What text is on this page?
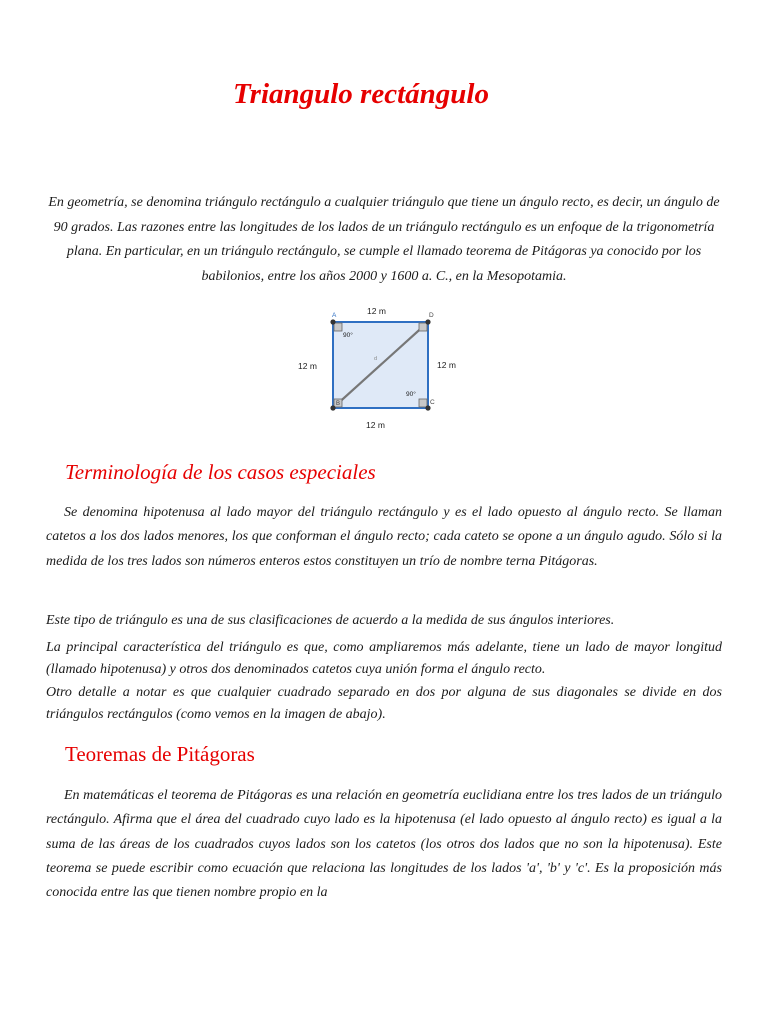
Triangulo rectángulo

En geometría, se denomina triángulo rectángulo a cualquier triángulo que tiene un ángulo recto, es decir, un ángulo de 90 grados. Las razones entre las longitudes de los lados de un triángulo rectángulo es un enfoque de la trigonometría plana. En particular, en un triángulo rectángulo, se cumple el llamado teorema de Pitágoras ya conocido por los babilonios, entre los años 2000 y 1600 a. C., en la Mesopotamia.

12 m
12 m	12 m
12 m
90°
90°
A	D
B	C
d
Terminología de los casos especiales

Se denomina hipotenusa al lado mayor del triángulo rectángulo y es el lado opuesto al ángulo recto. Se llaman catetos a los dos lados menores, los que conforman el ángulo recto; cada cateto se opone a un ángulo agudo. Sólo si la medida de los tres lados son números enteros estos constituyen un trío de nombre terna Pitágoras.

Este tipo de triángulo es una de sus clasificaciones de acuerdo a la medida de sus ángulos interiores.

La principal característica del triángulo es que, como ampliaremos más adelante, tiene un lado de mayor longitud (llamado hipotenusa) y otros dos denominados catetos cuya unión forma el ángulo recto.

Otro detalle a notar es que cualquier cuadrado separado en dos por alguna de sus diagonales se divide en dos triángulos rectángulos (como vemos en la imagen de abajo).

Teoremas de Pitágoras

En matemáticas el teorema de Pitágoras es una relación en geometría euclidiana entre los tres lados de un triángulo rectángulo. Afirma que el área del cuadrado cuyo lado es la hipotenusa (el lado opuesto al ángulo recto) es igual a la suma de las áreas de los cuadrados cuyos lados son los catetos (los otros dos lados que no son la hipotenusa). Este teorema se puede escribir como ecuación que relaciona las longitudes de los lados 'a', 'b' y 'c'. Es la proposición más conocida entre las que tienen nombre propio en la
